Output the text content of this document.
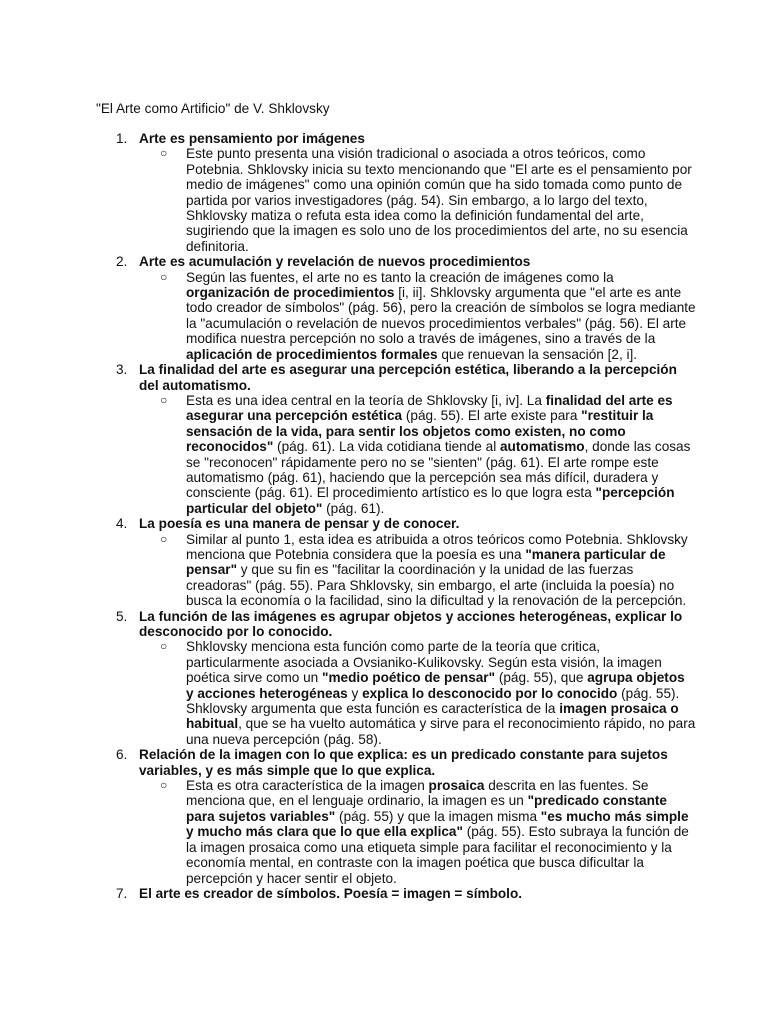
"El Arte como Artificio" de V. Shklovsky
1. Arte es pensamiento por imágenes
○ Este punto presenta una visión tradicional o asociada a otros teóricos, como Potebnia. Shklovsky inicia su texto mencionando que "El arte es el pensamiento por medio de imágenes" como una opinión común que ha sido tomada como punto de partida por varios investigadores (pág. 54). Sin embargo, a lo largo del texto, Shklovsky matiza o refuta esta idea como la definición fundamental del arte, sugiriendo que la imagen es solo uno de los procedimientos del arte, no su esencia definitoria.
2. Arte es acumulación y revelación de nuevos procedimientos
○ Según las fuentes, el arte no es tanto la creación de imágenes como la organización de procedimientos [i, ii]. Shklovsky argumenta que "el arte es ante todo creador de símbolos" (pág. 56), pero la creación de símbolos se logra mediante la "acumulación o revelación de nuevos procedimientos verbales" (pág. 56). El arte modifica nuestra percepción no solo a través de imágenes, sino a través de la aplicación de procedimientos formales que renuevan la sensación [2, i].
3. La finalidad del arte es asegurar una percepción estética, liberando a la percepción del automatismo.
○ Esta es una idea central en la teoría de Shklovsky [i, iv]. La finalidad del arte es asegurar una percepción estética (pág. 55). El arte existe para "restituir la sensación de la vida, para sentir los objetos como existen, no como reconocidos" (pág. 61). La vida cotidiana tiende al automatismo, donde las cosas se "reconocen" rápidamente pero no se "sienten" (pág. 61). El arte rompe este automatismo (pág. 61), haciendo que la percepción sea más difícil, duradera y consciente (pág. 61). El procedimiento artístico es lo que logra esta "percepción particular del objeto" (pág. 61).
4. La poesía es una manera de pensar y de conocer.
○ Similar al punto 1, esta idea es atribuida a otros teóricos como Potebnia. Shklovsky menciona que Potebnia considera que la poesía es una "manera particular de pensar" y que su fin es "facilitar la coordinación y la unidad de las fuerzas creadoras" (pág. 55). Para Shklovsky, sin embargo, el arte (incluida la poesía) no busca la economía o la facilidad, sino la dificultad y la renovación de la percepción.
5. La función de las imágenes es agrupar objetos y acciones heterogéneas, explicar lo desconocido por lo conocido.
○ Shklovsky menciona esta función como parte de la teoría que critica, particularmente asociada a Ovsianiko-Kulikovsky. Según esta visión, la imagen poética sirve como un "medio poético de pensar" (pág. 55), que agrupa objetos y acciones heterogéneas y explica lo desconocido por lo conocido (pág. 55). Shklovsky argumenta que esta función es característica de la imagen prosaica o habitual, que se ha vuelto automática y sirve para el reconocimiento rápido, no para una nueva percepción (pág. 58).
6. Relación de la imagen con lo que explica: es un predicado constante para sujetos variables, y es más simple que lo que explica.
○ Esta es otra característica de la imagen prosaica descrita en las fuentes. Se menciona que, en el lenguaje ordinario, la imagen es un "predicado constante para sujetos variables" (pág. 55) y que la imagen misma "es mucho más simple y mucho más clara que lo que ella explica" (pág. 55). Esto subraya la función de la imagen prosaica como una etiqueta simple para facilitar el reconocimiento y la economía mental, en contraste con la imagen poética que busca dificultar la percepción y hacer sentir el objeto.
7. El arte es creador de símbolos. Poesía = imagen = símbolo.
